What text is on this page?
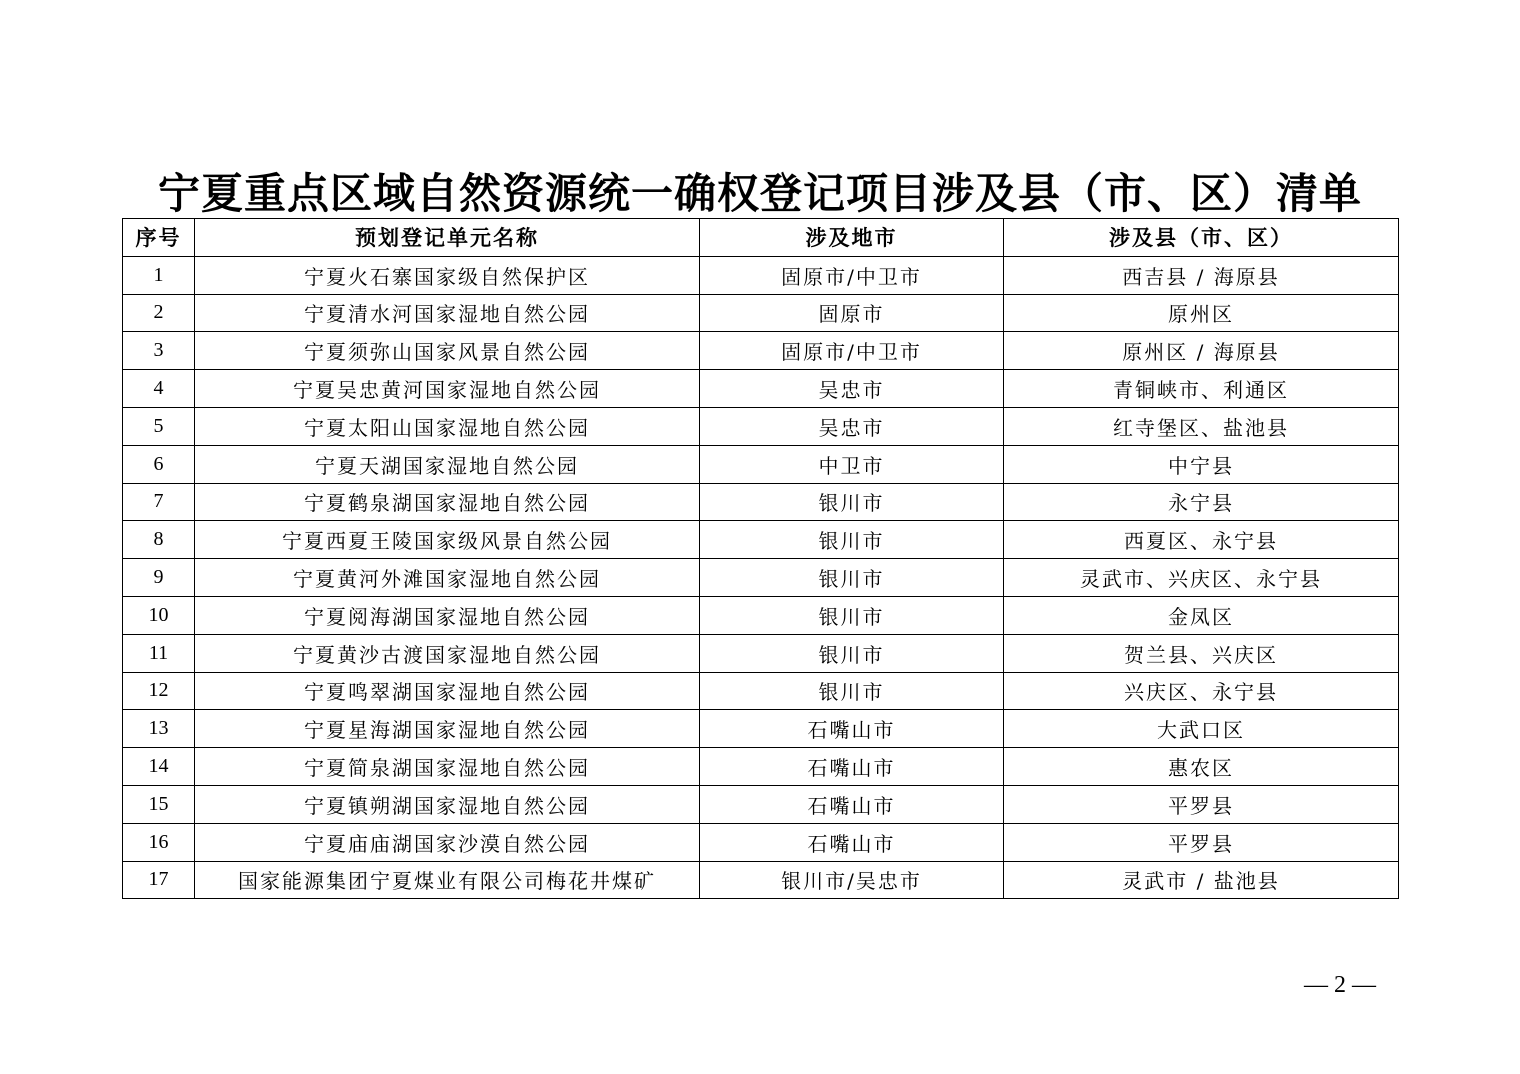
宁夏重点区域自然资源统一确权登记项目涉及县（市、区）清单
序号	预划登记单元名称	涉及地市	涉及县（市、区）
1	宁夏火石寨国家级自然保护区	固原市/中卫市	西吉县 / 海原县
2	宁夏清水河国家湿地自然公园	固原市	原州区
3	宁夏须弥山国家风景自然公园	固原市/中卫市	原州区 / 海原县
4	宁夏吴忠黄河国家湿地自然公园	吴忠市	青铜峡市、利通区
5	宁夏太阳山国家湿地自然公园	吴忠市	红寺堡区、盐池县
6	宁夏天湖国家湿地自然公园	中卫市	中宁县
7	宁夏鹤泉湖国家湿地自然公园	银川市	永宁县
8	宁夏西夏王陵国家级风景自然公园	银川市	西夏区、永宁县
9	宁夏黄河外滩国家湿地自然公园	银川市	灵武市、兴庆区、永宁县
10	宁夏阅海湖国家湿地自然公园	银川市	金凤区
11	宁夏黄沙古渡国家湿地自然公园	银川市	贺兰县、兴庆区
12	宁夏鸣翠湖国家湿地自然公园	银川市	兴庆区、永宁县
13	宁夏星海湖国家湿地自然公园	石嘴山市	大武口区
14	宁夏简泉湖国家湿地自然公园	石嘴山市	惠农区
15	宁夏镇朔湖国家湿地自然公园	石嘴山市	平罗县
16	宁夏庙庙湖国家沙漠自然公园	石嘴山市	平罗县
17	国家能源集团宁夏煤业有限公司梅花井煤矿	银川市/吴忠市	灵武市 / 盐池县
— 2 —
